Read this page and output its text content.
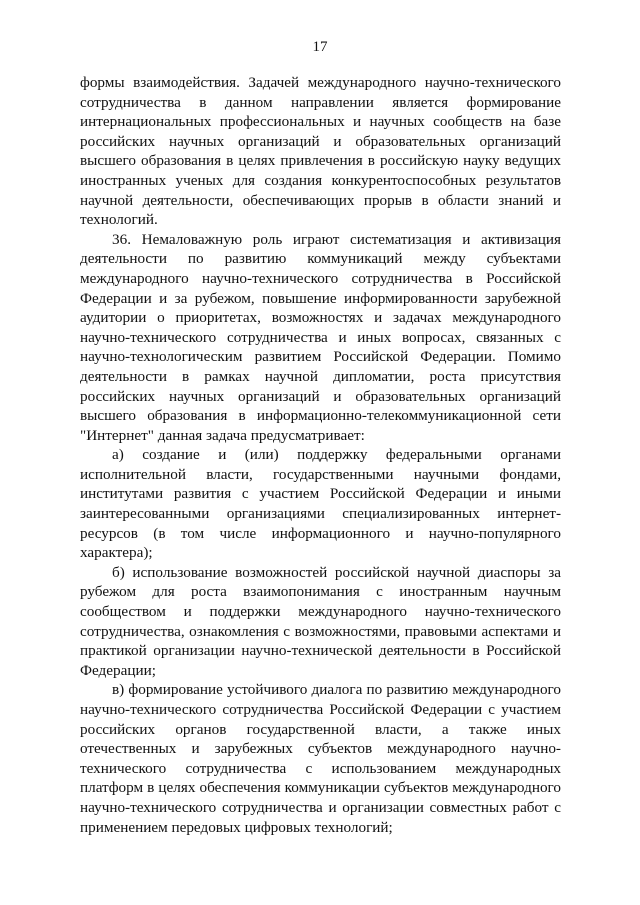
17

формы взаимодействия. Задачей международного научно-технического сотрудничества в данном направлении является формирование интернациональных профессиональных и научных сообществ на базе российских научных организаций и образовательных организаций высшего образования в целях привлечения в российскую науку ведущих иностранных ученых для создания конкурентоспособных результатов научной деятельности, обеспечивающих прорыв в области знаний и технологий.

36. Немаловажную роль играют систематизация и активизация деятельности по развитию коммуникаций между субъектами международного научно-технического сотрудничества в Российской Федерации и за рубежом, повышение информированности зарубежной аудитории о приоритетах, возможностях и задачах международного научно-технического сотрудничества и иных вопросах, связанных с научно-технологическим развитием Российской Федерации. Помимо деятельности в рамках научной дипломатии, роста присутствия российских научных организаций и образовательных организаций высшего образования в информационно-телекоммуникационной сети "Интернет" данная задача предусматривает:

а) создание и (или) поддержку федеральными органами исполнительной власти, государственными научными фондами, институтами развития с участием Российской Федерации и иными заинтересованными организациями специализированных интернет-ресурсов (в том числе информационного и научно-популярного характера);

б) использование возможностей российской научной диаспоры за рубежом для роста взаимопонимания с иностранным научным сообществом и поддержки международного научно-технического сотрудничества, ознакомления с возможностями, правовыми аспектами и практикой организации научно-технической деятельности в Российской Федерации;

в) формирование устойчивого диалога по развитию международного научно-технического сотрудничества Российской Федерации с участием российских органов государственной власти, а также иных отечественных и зарубежных субъектов международного научно-технического сотрудничества с использованием международных платформ в целях обеспечения коммуникации субъектов международного научно-технического сотрудничества и организации совместных работ с применением передовых цифровых технологий;
